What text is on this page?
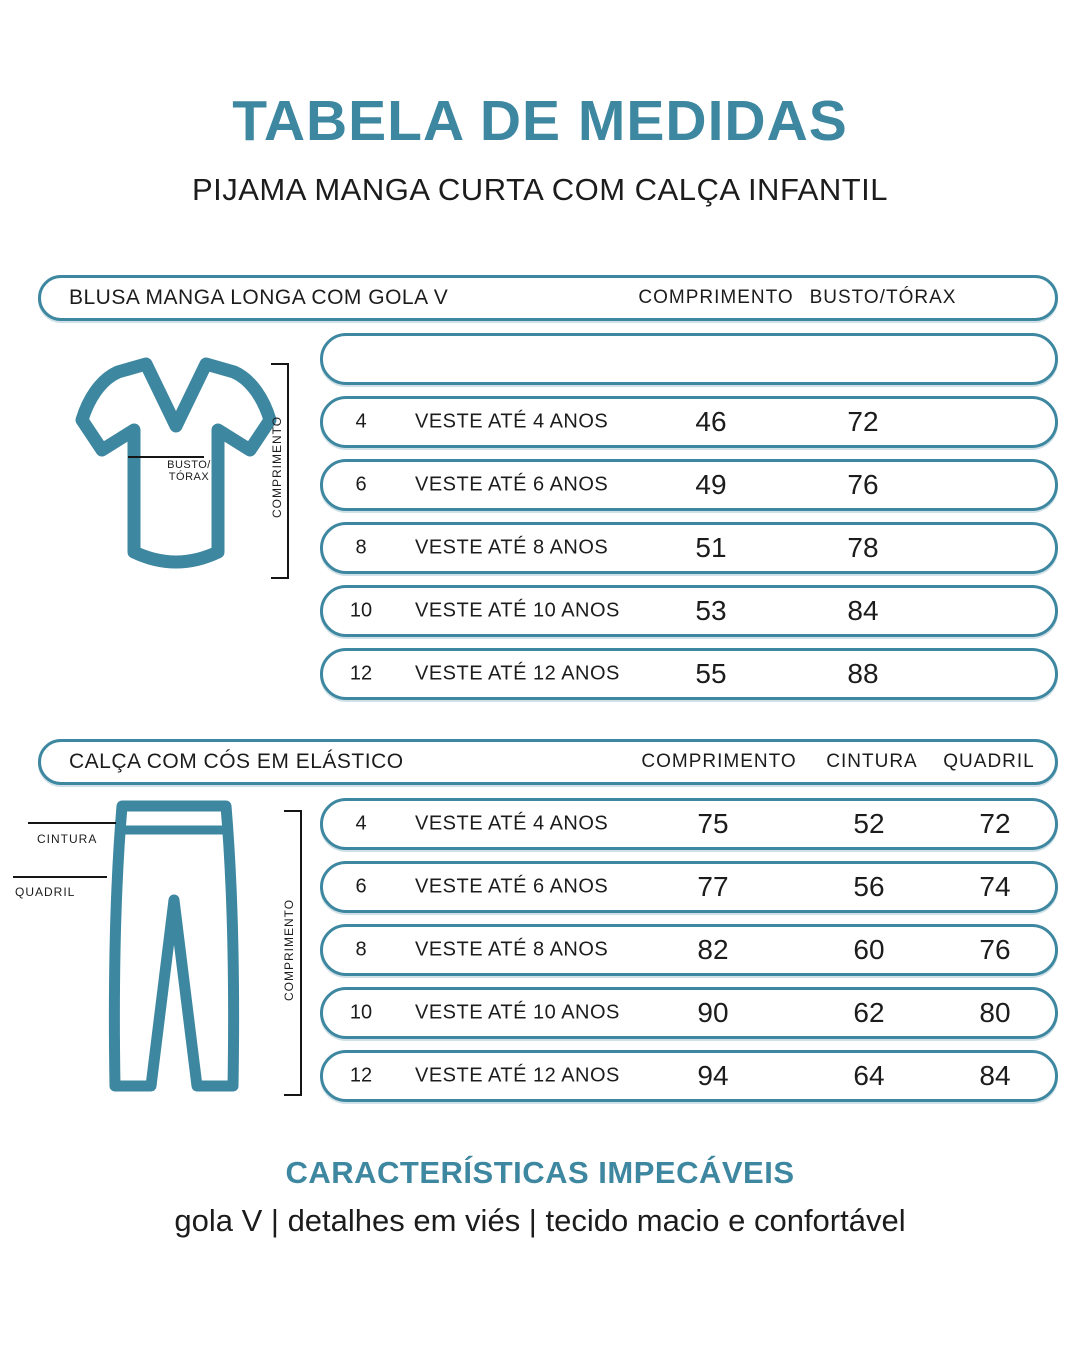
TABELA DE MEDIDAS
PIJAMA MANGA CURTA COM CALÇA INFANTIL
BLUSA MANGA LONGA COM GOLA V	COMPRIMENTO BUSTO/TÓRAX
BUSTO/
TÓRAX	COMPRIMENTO	4	VESTE ATÉ 4 ANOS	46	72
6	VESTE ATÉ 6 ANOS	49	76
8	VESTE ATÉ 8 ANOS	51	78
10	VESTE ATÉ 10 ANOS	53	84
12	VESTE ATÉ 12 ANOS	55	88
CALÇA COM CÓS EM ELÁSTICO	COMPRIMENTO CINTURA QUADRIL
CINTURA
QUADRIL
COMPRIMENTO
4	VESTE ATÉ 4 ANOS	75	52	72
6	VESTE ATÉ 6 ANOS	77	56	74
8	VESTE ATÉ 8 ANOS	82	60	76
10	VESTE ATÉ 10 ANOS	90	62	80
12	VESTE ATÉ 12 ANOS	94	64	84
CARACTERÍSTICAS IMPECÁVEIS
gola V | detalhes em viés | tecido macio e confortável
